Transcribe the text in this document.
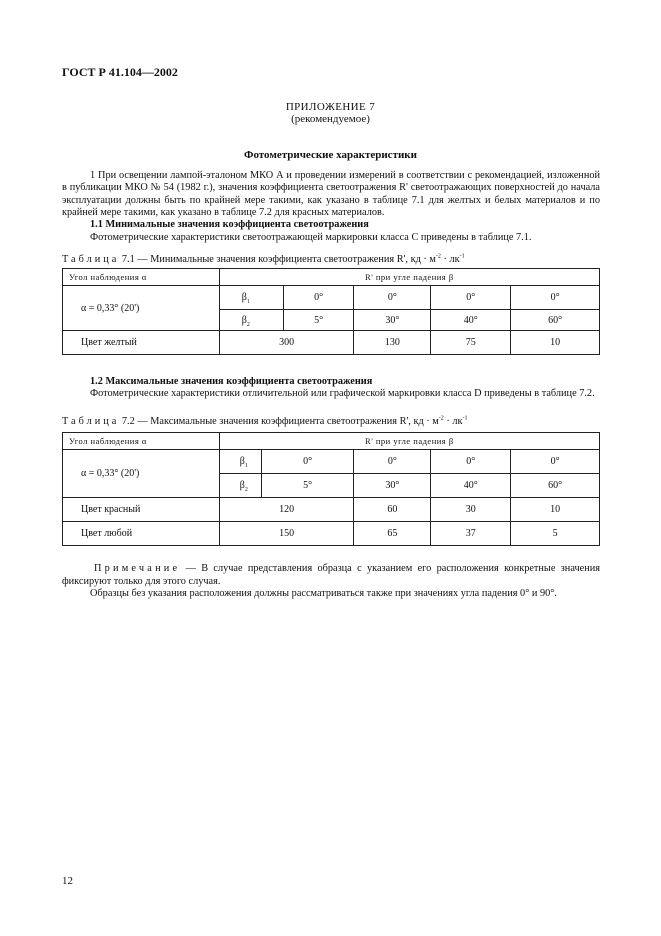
ГОСТ Р 41.104—2002
ПРИЛОЖЕНИЕ 7
(рекомендуемое)
Фотометрические характеристики
1 При освещении лампой-эталоном МКО А и проведении измерений в соответствии с рекомендацией, изложенной в публикации МКО № 54 (1982 г.), значения коэффициента светоотражения R' светоотражающих поверхностей до начала эксплуатации должны быть по крайней мере такими, как указано в таблице 7.1 для желтых и белых материалов и по крайней мере такими, как указано в таблице 7.2 для красных материалов.
1.1 Минимальные значения коэффициента светоотражения
Фотометрические характеристики светоотражающей маркировки класса С приведены в таблице 7.1.
Таблица 7.1 — Минимальные значения коэффициента светоотражения R', кд · $м^{-2} \cdot лк^{-1}$
Угол наблюдения α	R' при угле падения β				
α = 0,33° (20')	$\beta_1$	0°	0°	0°	0°
	$\beta_2$	5°	30°	40°	60°
Цвет желтый	300		130	75	10
1.2 Максимальные значения коэффициента светоотражения
Фотометрические характеристики отличительной или графической маркировки класса D приведены в таблице 7.2.
Таблица 7.2 — Максимальные значения коэффициента светоотражения R', кд · $м^{-2} \cdot лк^{-1}$
Угол наблюдения α	R' при угле падения β				
α = 0,33° (20')	$\beta_1$	0°	0°	0°	0°
	$\beta_2$	5°	30°	40°	60°
Цвет красный	120		60	30	10
Цвет любой	150		65	37	5
Примечание — В случае представления образца с указанием его расположения конкретные значения фиксируют только для этого случая.
Образцы без указания расположения должны рассматриваться также при значениях угла падения 0° и 90°.
12
